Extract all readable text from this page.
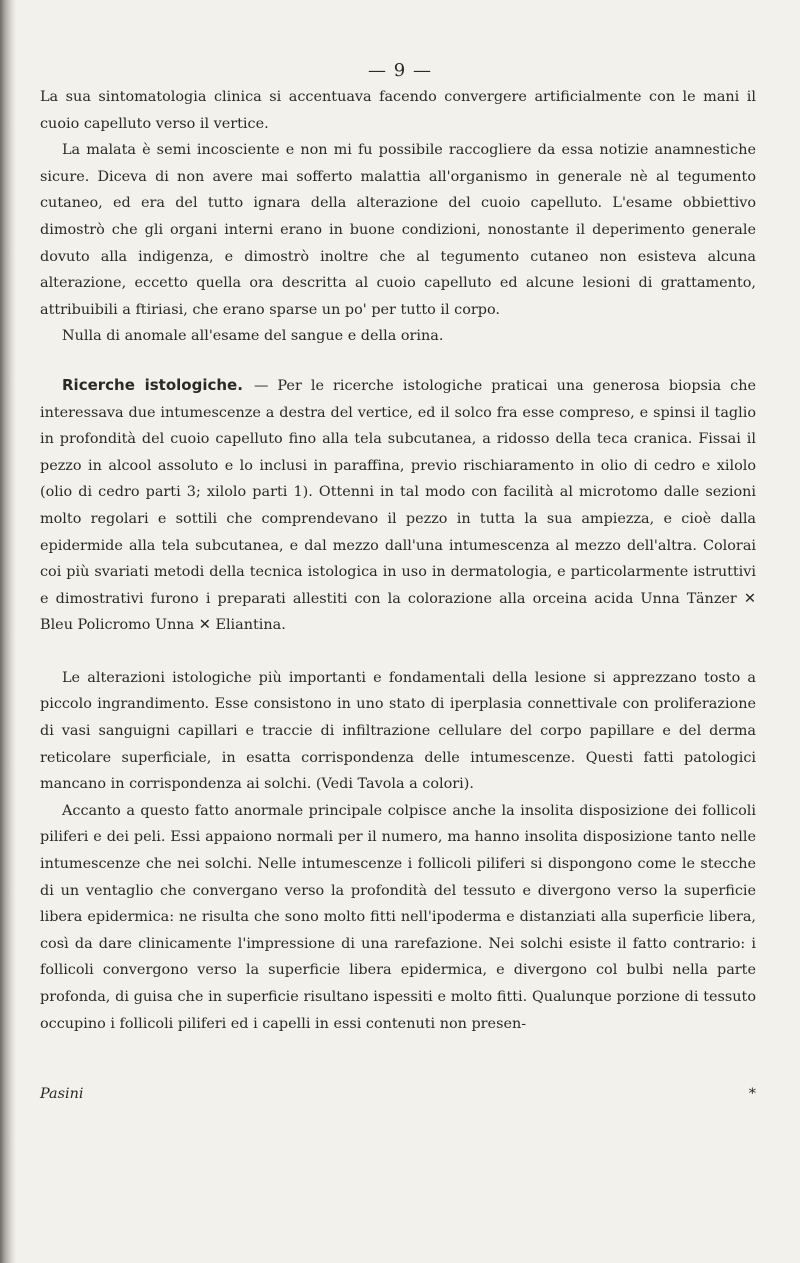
— 9 —

La sua sintomatologia clinica si accentuava facendo convergere artificialmente con le mani il cuoio capelluto verso il vertice.

La malata è semi incosciente e non mi fu possibile raccogliere da essa notizie anamnestiche sicure. Diceva di non avere mai sofferto malattia all'organismo in generale nè al tegumento cutaneo, ed era del tutto ignara della alterazione del cuoio capelluto. L'esame obbiettivo dimostrò che gli organi interni erano in buone condizioni, nonostante il deperimento generale dovuto alla indigenza, e dimostrò inoltre che al tegumento cutaneo non esisteva alcuna alterazione, eccetto quella ora descritta al cuoio capelluto ed alcune lesioni di grattamento, attribuibili a ftiriasi, che erano sparse un po' per tutto il corpo.

Nulla di anomale all'esame del sangue e della orina.

Ricerche istologiche. — Per le ricerche istologiche praticai una generosa biopsia che interessava due intumescenze a destra del vertice, ed il solco fra esse compreso, e spinsi il taglio in profondità del cuoio capelluto fino alla tela subcutanea, a ridosso della teca cranica. Fissai il pezzo in alcool assoluto e lo inclusi in paraffina, previo rischiaramento in olio di cedro e xilolo (olio di cedro parti 3; xilolo parti 1). Ottenni in tal modo con facilità al microtomo dalle sezioni molto regolari e sottili che comprendevano il pezzo in tutta la sua ampiezza, e cioè dalla epidermide alla tela subcutanea, e dal mezzo dall'una intumescenza al mezzo dell'altra. Colorai coi più svariati metodi della tecnica istologica in uso in dermatologia, e particolarmente istruttivi e dimostrativi furono i preparati allestiti con la colorazione alla orceina acida Unna Tänzer ✕ Bleu Policromo Unna ✕ Eliantina.

Le alterazioni istologiche più importanti e fondamentali della lesione si apprezzano tosto a piccolo ingrandimento. Esse consistono in uno stato di iperplasia connettivale con proliferazione di vasi sanguigni capillari e traccie di infiltrazione cellulare del corpo papillare e del derma reticolare superficiale, in esatta corrispondenza delle intumescenze. Questi fatti patologici mancano in corrispondenza ai solchi. (Vedi Tavola a colori).

Accanto a questo fatto anormale principale colpisce anche la insolita disposizione dei follicoli piliferi e dei peli. Essi appaiono normali per il numero, ma hanno insolita disposizione tanto nelle intumescenze che nei solchi. Nelle intumescenze i follicoli piliferi si dispongono come le stecche di un ventaglio che convergano verso la profondità del tessuto e divergono verso la superficie libera epidermica: ne risulta che sono molto fitti nell'ipoderma e distanziati alla superficie libera, così da dare clinicamente l'impressione di una rarefazione. Nei solchi esiste il fatto contrario: i follicoli convergono verso la superficie libera epidermica, e divergono col bulbi nella parte profonda, di guisa che in superficie risultano ispessiti e molto fitti. Qualunque porzione di tessuto occupino i follicoli piliferi ed i capelli in essi contenuti non presen-

Pasini	*
